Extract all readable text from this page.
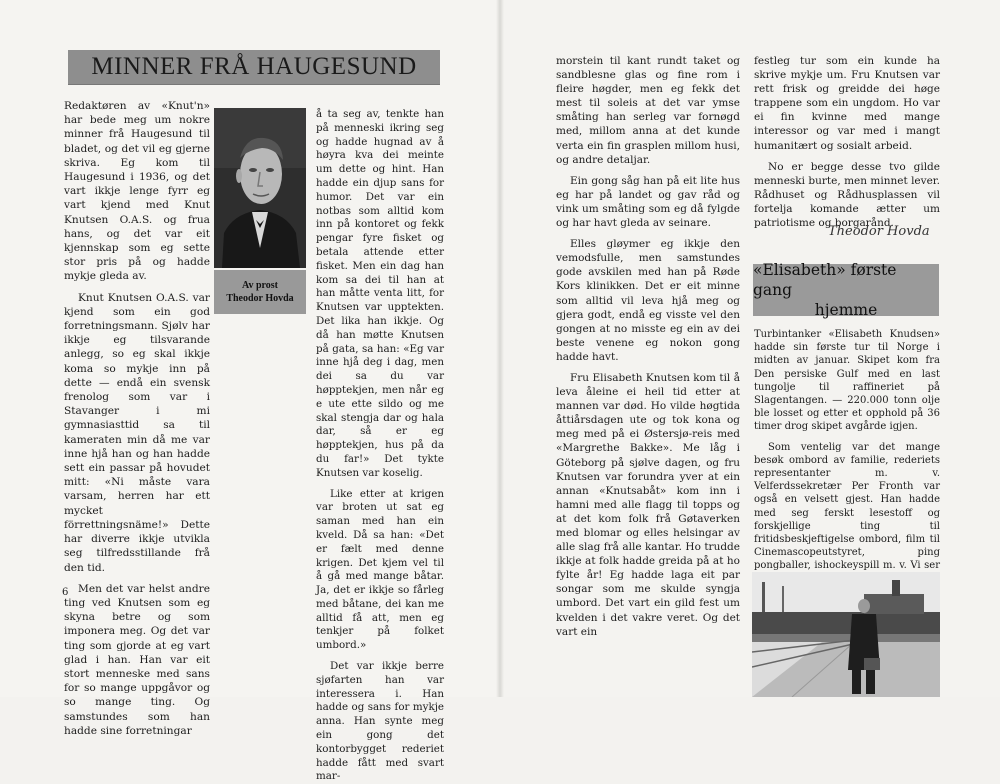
MINNER FRÅ HAUGESUND

Redaktøren av «Knut'n» har bede meg um nokre minner frå Haugesund til bladet, og det vil eg gjerne skriva. Eg kom til Haugesund i 1936, og det vart ikkje lenge fyrr eg vart kjend med Knut Knutsen O.A.S. og frua hans, og det var eit kjennskap som eg sette stor pris på og hadde mykje gleda av.

Knut Knutsen O.A.S. var kjend som ein god forretningsmann. Sjølv har ikkje eg tilsvarande anlegg, so eg skal ikkje koma so mykje inn på dette — endå ein svensk frenolog som var i Stavanger i mi gymnasiasttid sa til kameraten min då me var inne hjå han og han hadde sett ein passar på hovudet mitt: «Ni måste vara varsam, herren har ett mycket förrettningsnäme!» Dette har diverre ikkje utvikla seg tilfredsstillande frå den tid.

Men det var helst andre ting ved Knutsen som eg skyna betre og som imponera meg. Og det var ting som gjorde at eg vart glad i han. Han var eit stort menneske med sans for so mange uppgåvor og so mange ting. Og samstundes som han hadde sine forretningar

Av prost
Theodor Hovda

å ta seg av, tenkte han på menneski ikring seg og hadde hugnad av å høyra kva dei meinte um dette og hint. Han hadde ein djup sans for humor. Det var ein notbas som alltid kom inn på kontoret og fekk pengar fyre fisket og betala attende etter fisket. Men ein dag han kom sa dei til han at han måtte venta litt, for Knutsen var upptekten. Det lika han ikkje. Og då han møtte Knutsen på gata, sa han: «Eg var inne hjå deg i dag, men dei sa du var høpptekjen, men når eg e ute ette sildo og me skal stengja dar og hala dar, så er eg høpptekjen, hus på da du far!» Det tykte Knutsen var koselig.

Like etter at krigen var broten ut sat eg saman med han ein kveld. Då sa han: «Det er fælt med denne krigen. Det kjem vel til å gå med mange båtar. Ja, det er ikkje so fårleg med båtane, dei kan me alltid få att, men eg tenkjer på folket umbord.»

Det var ikkje berre sjøfarten han var interessera i. Han hadde og sans for mykje anna. Han synte meg ein gong det kontorbygget rederiet hadde fått med svart mar-

6

morstein til kant rundt taket og sandblesne glas og fine rom i fleire høgder, men eg fekk det mest til soleis at det var ymse småting han serleg var fornøgd med, millom anna at det kunde verta ein fin grasplen millom husi, og andre detaljar.

Ein gong såg han på eit lite hus eg har på landet og gav råd og vink um småting som eg då fylgde og har havt gleda av seinare.

Elles gløymer eg ikkje den vemodsfulle, men samstundes gode avskilen med han på Røde Kors klinikken. Det er eit minne som alltid vil leva hjå meg og gjera godt, endå eg visste vel den gongen at no misste eg ein av dei beste venene eg nokon gong hadde havt.

Fru Elisabeth Knutsen kom til å leva åleine ei heil tid etter at mannen var død. Ho vilde høgtida åttiårsdagen ute og tok kona og meg med på ei Østersjø-reis med «Margrethe Bakke». Me låg i Göteborg på sjølve dagen, og fru Knutsen var forundra yver at ein annan «Knutsabåt» kom inn i hamni med alle flagg til topps og at det kom folk frå Gøtaverken med blomar og elles helsingar av alle slag frå alle kantar. Ho trudde ikkje at folk hadde greida på at ho fylte år! Eg hadde laga eit par songar som me skulde syngja umbord. Det vart ein gild fest um kvelden i det vakre veret. Og det vart ein

festleg tur som ein kunde ha skrive mykje um. Fru Knutsen var rett frisk og greidde dei høge trappene som ein ungdom. Ho var ei fin kvinne med mange interessor og var med i mangt humanitært og sosialt arbeid.

No er begge desse tvo gilde menneski burte, men minnet lever. Rådhuset og Rådhusplassen vil fortelja komande ætter um patriotisme og borgarånd.

Theodor Hovda
«Elisabeth» første gang
hjemme

Turbintanker «Elisabeth Knudsen» hadde sin første tur til Norge i midten av januar. Skipet kom fra Den persiske Gulf med en last tungolje til raffineriet på Slagentangen. — 220.000 tonn olje ble losset og etter et opphold på 36 timer drog skipet avgårde igjen.

Som ventelig var det mange besøk ombord av familie, rederiets representanter m. v. Velferdssekretær Per Fronth var også en velsett gjest. Han hadde med seg ferskt lesestoff og forskjellige ting til fritidsbeskjeftigelse ombord, film til Cinemascopeutstyret, ping pongballer, ishockeyspill m. v. Vi ser
